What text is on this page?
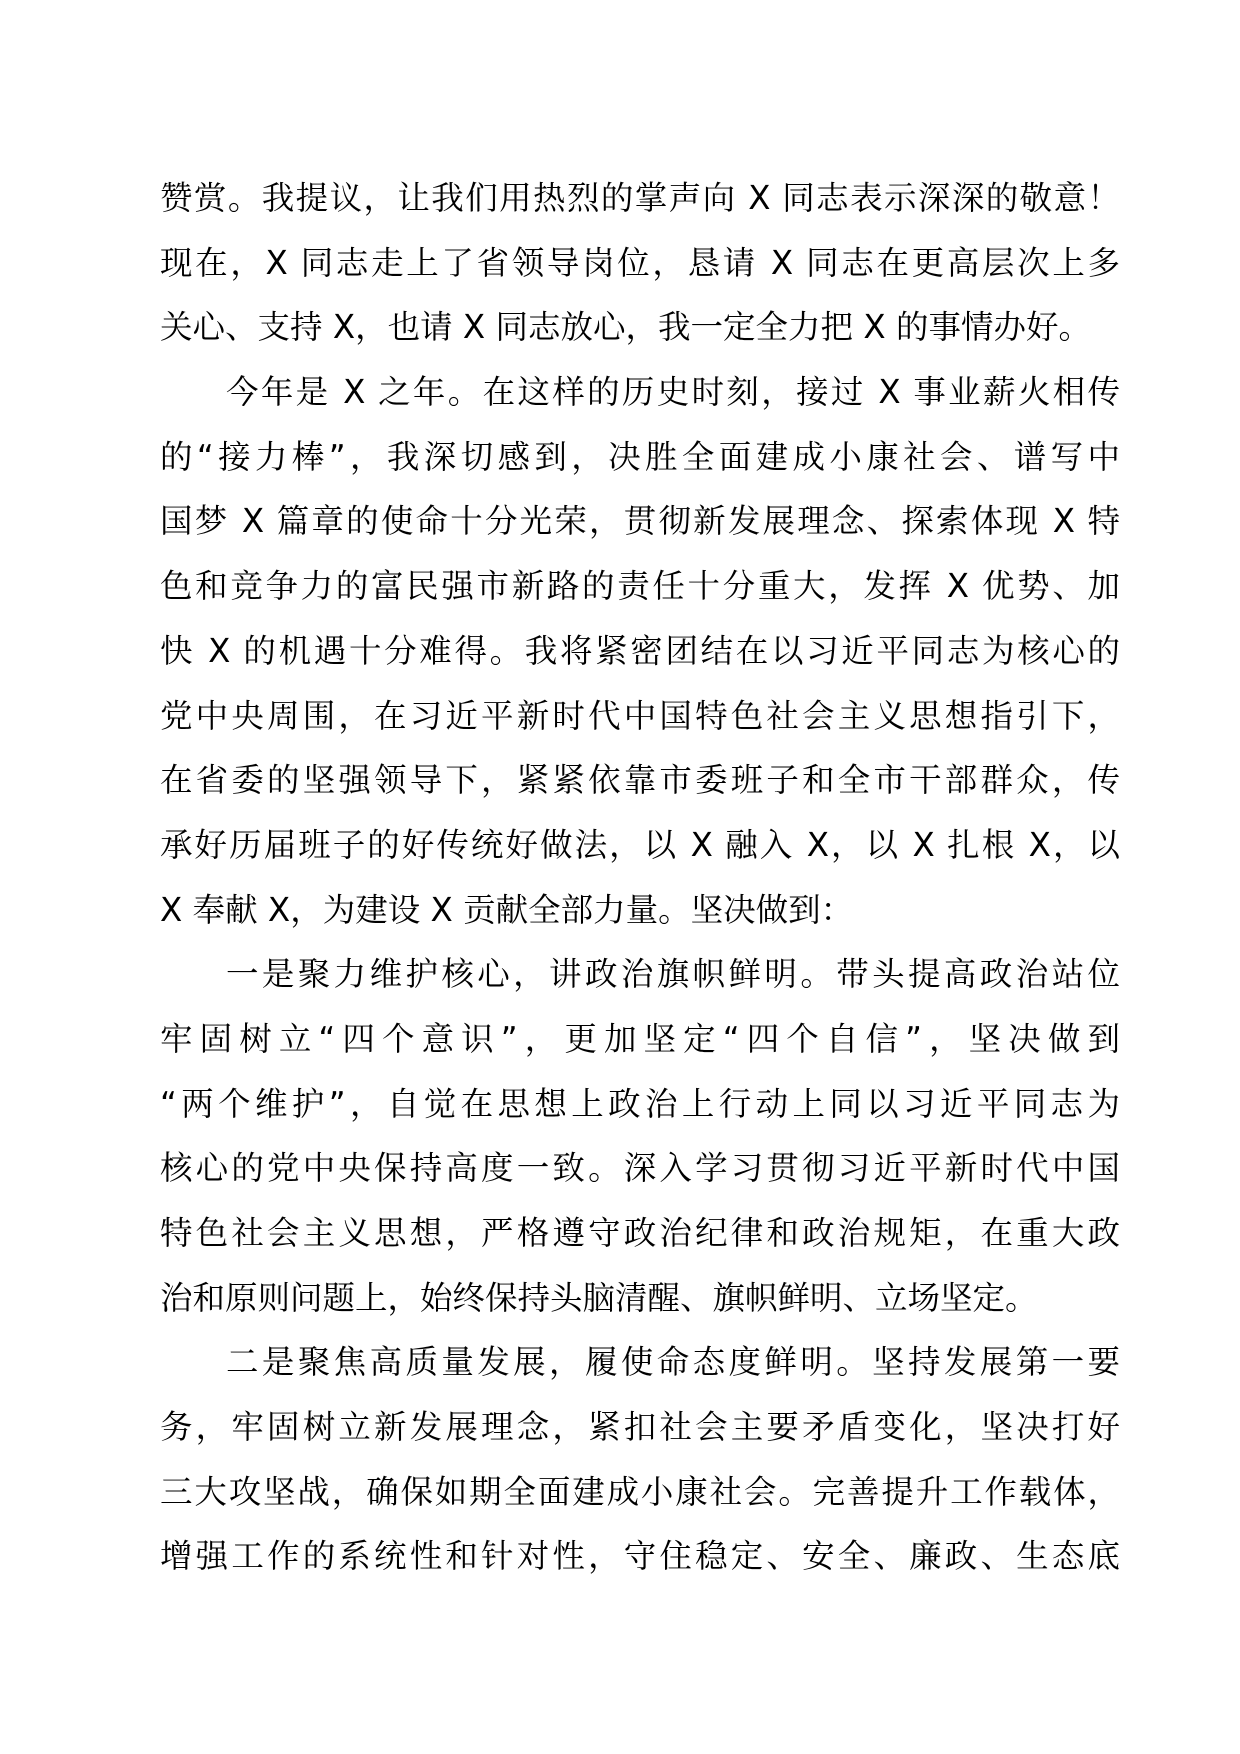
赞赏。我提议，让我们用热烈的掌声向 X 同志表示深深的敬意！
现在，X 同志走上了省领导岗位，恳请 X 同志在更高层次上多
关心、支持 X，也请 X 同志放心，我一定全力把 X 的事情办好。
今年是 X 之年。在这样的历史时刻，接过 X 事业薪火相传
的“接力棒”，我深切感到，决胜全面建成小康社会、谱写中
国梦 X 篇章的使命十分光荣，贯彻新发展理念、探索体现 X 特
色和竞争力的富民强市新路的责任十分重大，发挥 X 优势、加
快 X 的机遇十分难得。我将紧密团结在以习近平同志为核心的
党中央周围，在习近平新时代中国特色社会主义思想指引下，
在省委的坚强领导下，紧紧依靠市委班子和全市干部群众，传
承好历届班子的好传统好做法，以 X 融入 X，以 X 扎根 X，以
X 奉献 X，为建设 X 贡献全部力量。坚决做到：
一是聚力维护核心，讲政治旗帜鲜明。带头提高政治站位
牢固树立“四个意识”，更加坚定“四个自信”，坚决做到
“两个维护”，自觉在思想上政治上行动上同以习近平同志为
核心的党中央保持高度一致。深入学习贯彻习近平新时代中国
特色社会主义思想，严格遵守政治纪律和政治规矩，在重大政
治和原则问题上，始终保持头脑清醒、旗帜鲜明、立场坚定。
二是聚焦高质量发展，履使命态度鲜明。坚持发展第一要
务，牢固树立新发展理念，紧扣社会主要矛盾变化，坚决打好
三大攻坚战，确保如期全面建成小康社会。完善提升工作载体，
增强工作的系统性和针对性，守住稳定、安全、廉政、生态底
